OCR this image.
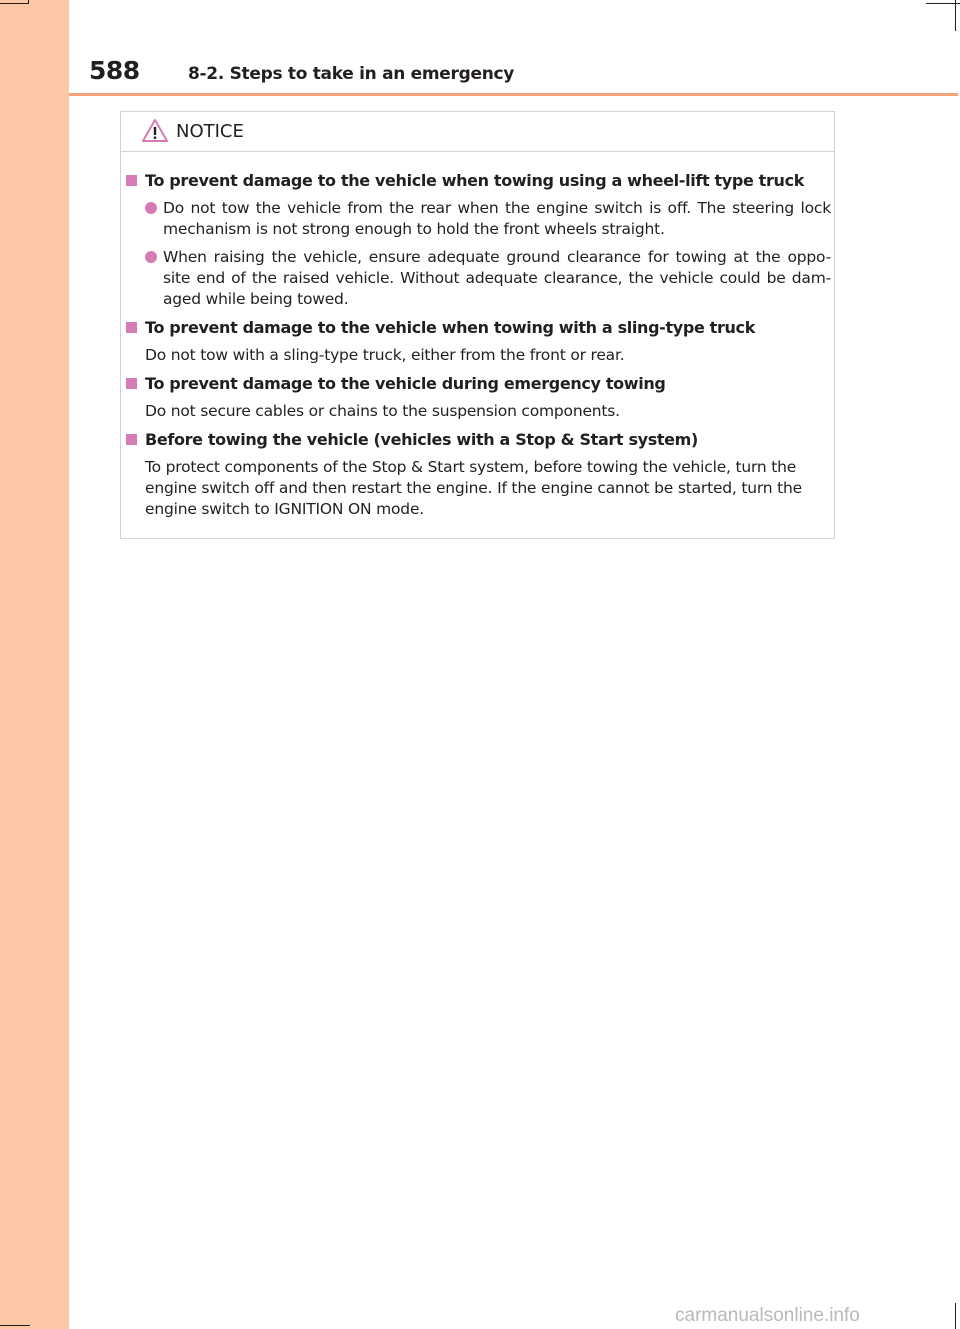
588	8-2. Steps to take in an emergency
NOTICE
To prevent damage to the vehicle when towing using a wheel-lift type truck
Do not tow the vehicle from the rear when the engine switch is off. The steering lock mechanism is not strong enough to hold the front wheels straight.
When raising the vehicle, ensure adequate ground clearance for towing at the oppo- site end of the raised vehicle. Without adequate clearance, the vehicle could be dam- aged while being towed.
To prevent damage to the vehicle when towing with a sling-type truck
Do not tow with a sling-type truck, either from the front or rear.
To prevent damage to the vehicle during emergency towing
Do not secure cables or chains to the suspension components.
Before towing the vehicle (vehicles with a Stop & Start system)
To protect components of the Stop & Start system, before towing the vehicle, turn the engine switch off and then restart the engine. If the engine cannot be started, turn the engine switch to IGNITION ON mode.
carmanualsonline.info
